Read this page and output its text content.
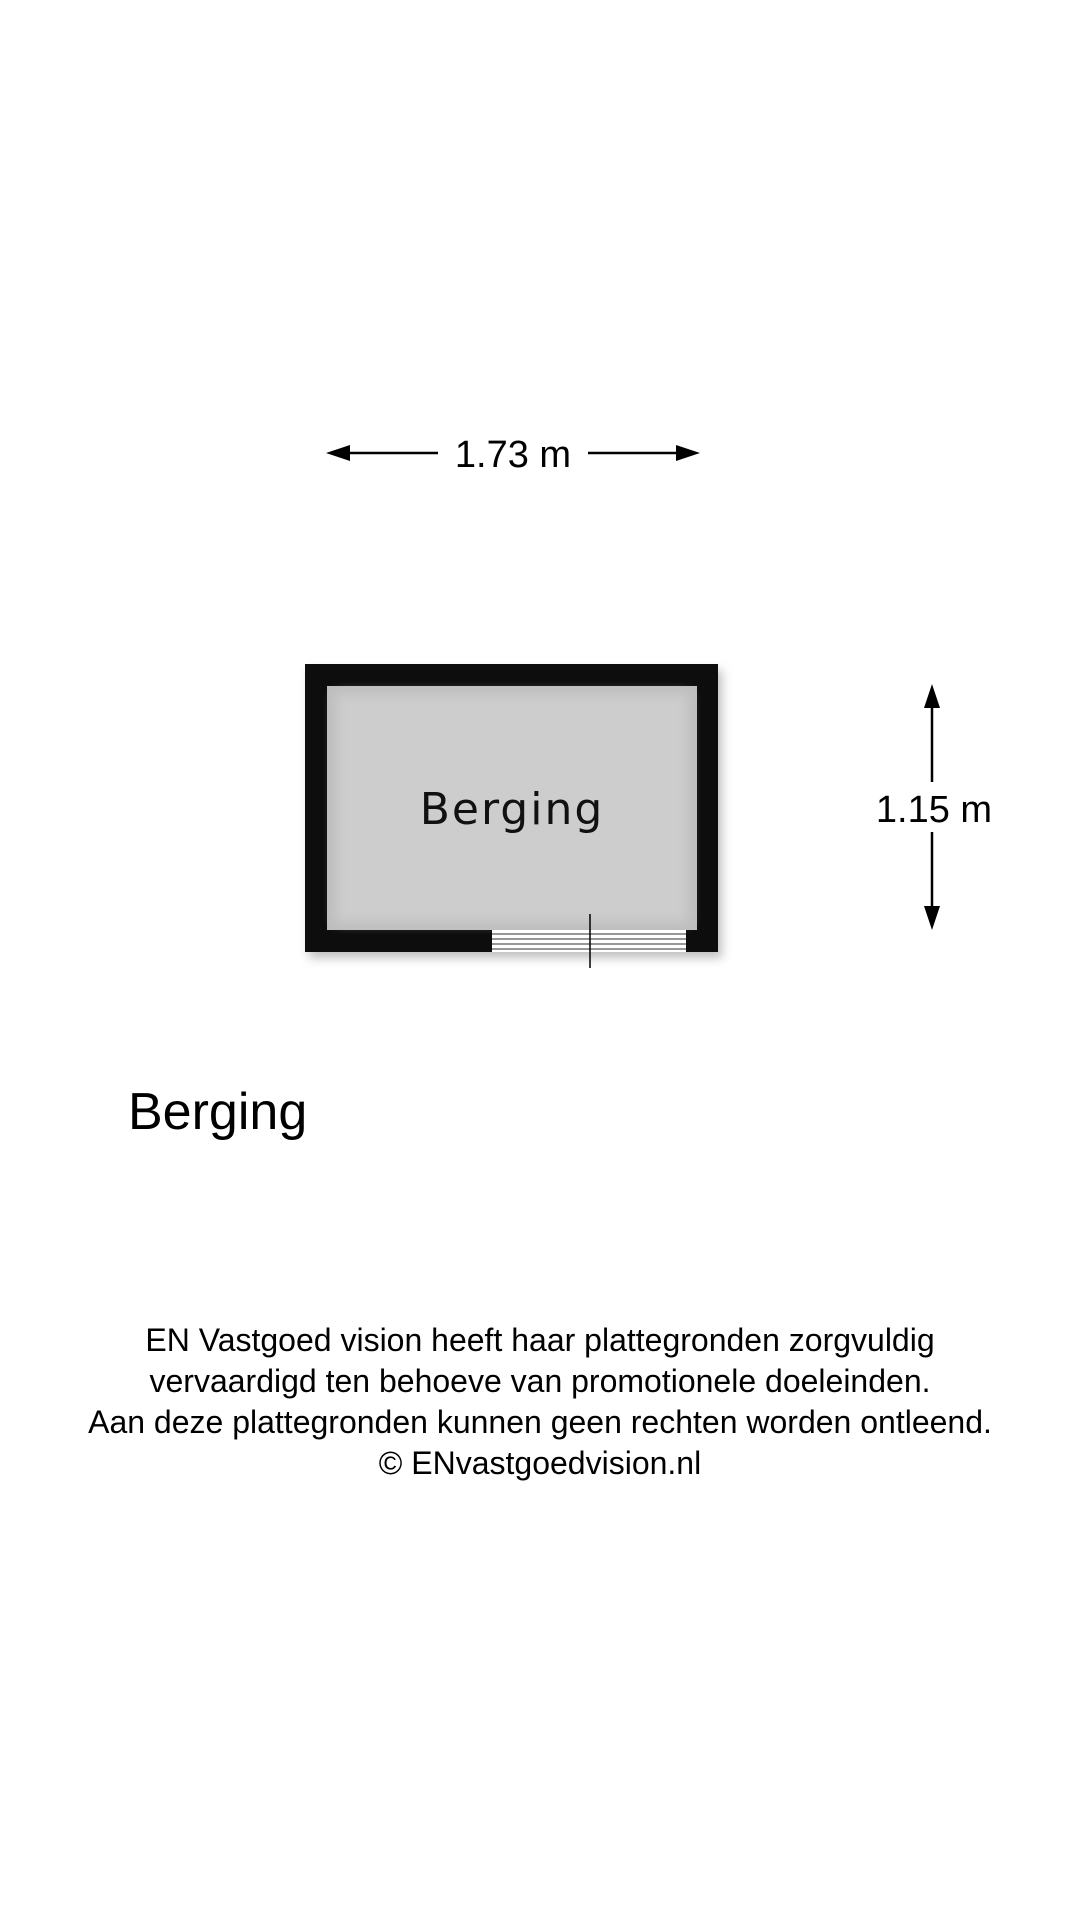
1.73 m
1.15 m
Berging
Berging
EN Vastgoed vision heeft haar plattegronden zorgvuldig
vervaardigd ten behoeve van promotionele doeleinden.
Aan deze plattegronden kunnen geen rechten worden ontleend.
© ENvastgoedvision.nl
